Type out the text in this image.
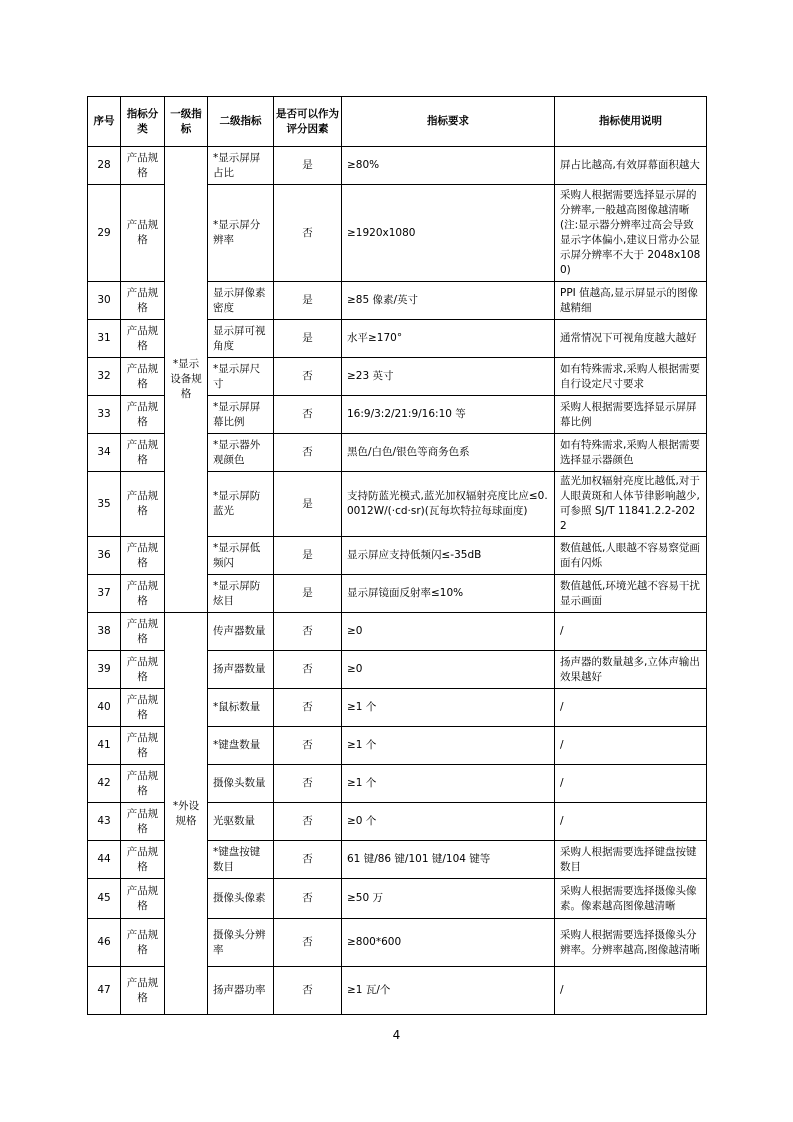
序号	指标分类	一级指标	二级指标	是否可以作为评分因素	指标要求	指标使用说明
28	产品规格	*显示设备规格	*显示屏屏占比	是	≥80%	屏占比越高,有效屏幕面积越大
29	产品规格		*显示屏分辨率	否	≥1920x1080	采购人根据需要选择显示屏的分辨率,一般越高图像越清晰(注:显示器分辨率过高会导致显示字体偏小,建议日常办公显示屏分辨率不大于 2048x1080)
30	产品规格		显示屏像素密度	是	≥85 像素/英寸	PPI 值越高,显示屏显示的图像越精细
31	产品规格		显示屏可视角度	是	水平≥170°	通常情况下可视角度越大越好
32	产品规格		*显示屏尺寸	否	≥23 英寸	如有特殊需求,采购人根据需要自行设定尺寸要求
33	产品规格		*显示屏屏幕比例	否	16:9/3:2/21:9/16:10 等	采购人根据需要选择显示屏屏幕比例
34	产品规格		*显示器外观颜色	否	黑色/白色/银色等商务色系	如有特殊需求,采购人根据需要选择显示器颜色
35	产品规格		*显示屏防蓝光	是	支持防蓝光模式,蓝光加权辐射亮度比应≤0.0012W/(·cd·sr)(瓦每坎特拉每球面度)	蓝光加权辐射亮度比越低,对于人眼黄斑和人体节律影响越少,可参照 SJ/T 11841.2.2-2022
36	产品规格		*显示屏低频闪	是	显示屏应支持低频闪≤-35dB	数值越低,人眼越不容易察觉画面有闪烁
37	产品规格		*显示屏防炫目	是	显示屏镜面反射率≤10%	数值越低,环境光越不容易干扰显示画面
38	产品规格	*外设规格	传声器数量	否	≥0	/
39	产品规格		扬声器数量	否	≥0	扬声器的数量越多,立体声输出效果越好
40	产品规格		*鼠标数量	否	≥1 个	/
41	产品规格		*键盘数量	否	≥1 个	/
42	产品规格		摄像头数量	否	≥1 个	/
43	产品规格		光驱数量	否	≥0 个	/
44	产品规格		*键盘按键数目	否	61 键/86 键/101 键/104 键等	采购人根据需要选择键盘按键数目
45	产品规格		摄像头像素	否	≥50 万	采购人根据需要选择摄像头像素。像素越高图像越清晰
46	产品规格		摄像头分辨率	否	≥800*600	采购人根据需要选择摄像头分辨率。分辨率越高,图像越清晰
47	产品规格		扬声器功率	否	≥1 瓦/个	/
4
